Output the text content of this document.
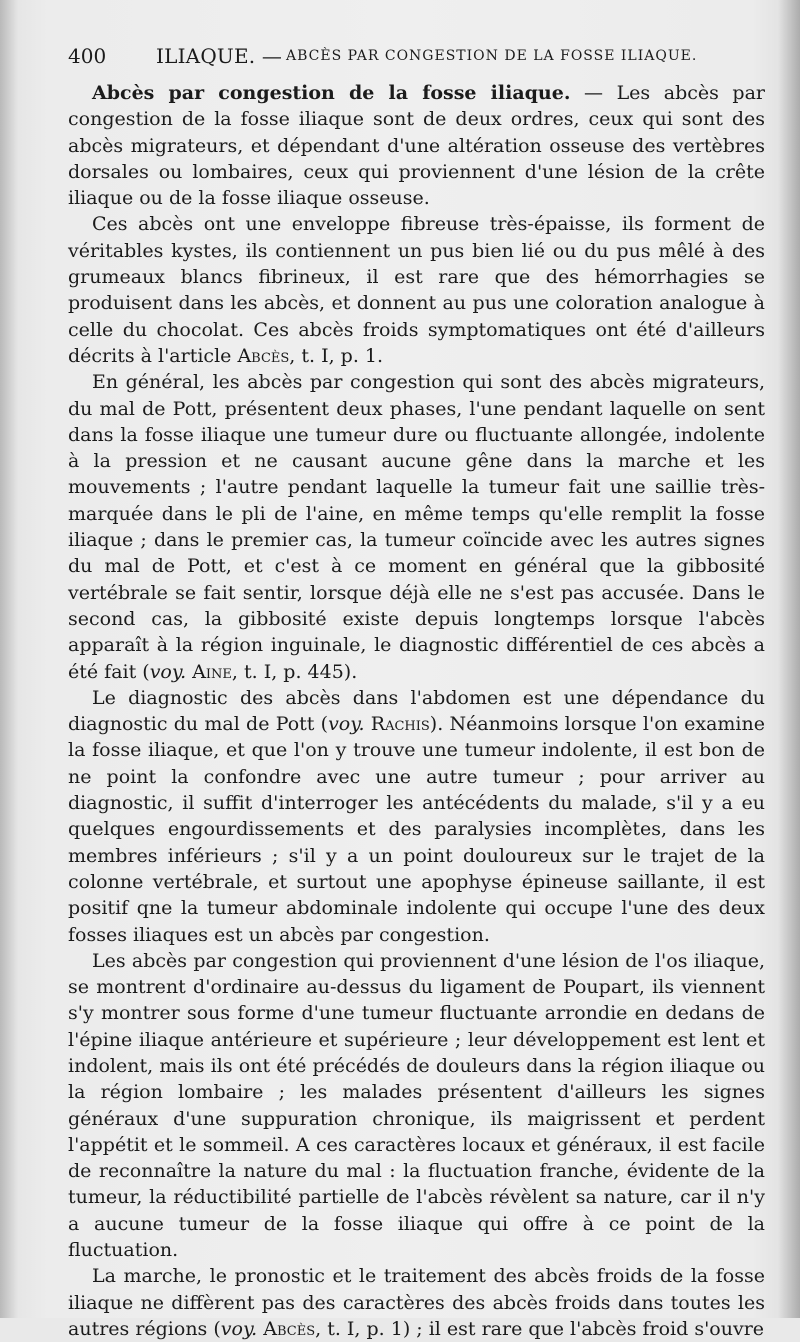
400 ILIAQUE. — ABCÈS PAR CONGESTION DE LA FOSSE ILIAQUE.

Abcès par congestion de la fosse iliaque. — Les abcès par congestion de la fosse iliaque sont de deux ordres, ceux qui sont des abcès migrateurs, et dépendant d'une altération osseuse des vertèbres dorsales ou lombaires, ceux qui proviennent d'une lésion de la crête iliaque ou de la fosse iliaque osseuse.

Ces abcès ont une enveloppe fibreuse très-épaisse, ils forment de véritables kystes, ils contiennent un pus bien lié ou du pus mêlé à des grumeaux blancs fibrineux, il est rare que des hémorrhagies se produisent dans les abcès, et donnent au pus une coloration analogue à celle du chocolat. Ces abcès froids symptomatiques ont été d'ailleurs décrits à l'article Abcès, t. I, p. 1.

En général, les abcès par congestion qui sont des abcès migrateurs, du mal de Pott, présentent deux phases, l'une pendant laquelle on sent dans la fosse iliaque une tumeur dure ou fluctuante allongée, indolente à la pression et ne causant aucune gêne dans la marche et les mouvements ; l'autre pendant laquelle la tumeur fait une saillie très-marquée dans le pli de l'aine, en même temps qu'elle remplit la fosse iliaque ; dans le premier cas, la tumeur coïncide avec les autres signes du mal de Pott, et c'est à ce moment en général que la gibbosité vertébrale se fait sentir, lorsque déjà elle ne s'est pas accusée. Dans le second cas, la gibbosité existe depuis longtemps lorsque l'abcès apparaît à la région inguinale, le diagnostic différentiel de ces abcès a été fait (voy. Aine, t. I, p. 445).

Le diagnostic des abcès dans l'abdomen est une dépendance du diagnostic du mal de Pott (voy. Rachis). Néanmoins lorsque l'on examine la fosse iliaque, et que l'on y trouve une tumeur indolente, il est bon de ne point la confondre avec une autre tumeur ; pour arriver au diagnostic, il suffit d'interroger les antécédents du malade, s'il y a eu quelques engourdissements et des paralysies incomplètes, dans les membres inférieurs ; s'il y a un point douloureux sur le trajet de la colonne vertébrale, et surtout une apophyse épineuse saillante, il est positif qne la tumeur abdominale indolente qui occupe l'une des deux fosses iliaques est un abcès par congestion.

Les abcès par congestion qui proviennent d'une lésion de l'os iliaque, se montrent d'ordinaire au-dessus du ligament de Poupart, ils viennent s'y montrer sous forme d'une tumeur fluctuante arrondie en dedans de l'épine iliaque antérieure et supérieure ; leur développement est lent et indolent, mais ils ont été précédés de douleurs dans la région iliaque ou la région lombaire ; les malades présentent d'ailleurs les signes généraux d'une suppuration chronique, ils maigrissent et perdent l'appétit et le sommeil. A ces caractères locaux et généraux, il est facile de reconnaître la nature du mal : la fluctuation franche, évidente de la tumeur, la réductibilité partielle de l'abcès révèlent sa nature, car il n'y a aucune tumeur de la fosse iliaque qui offre à ce point de la fluctuation.

La marche, le pronostic et le traitement des abcès froids de la fosse iliaque ne diffèrent pas des caractères des abcès froids dans toutes les autres régions (voy. Abcès, t. I, p. 1) ; il est rare que l'abcès froid s'ouvre
